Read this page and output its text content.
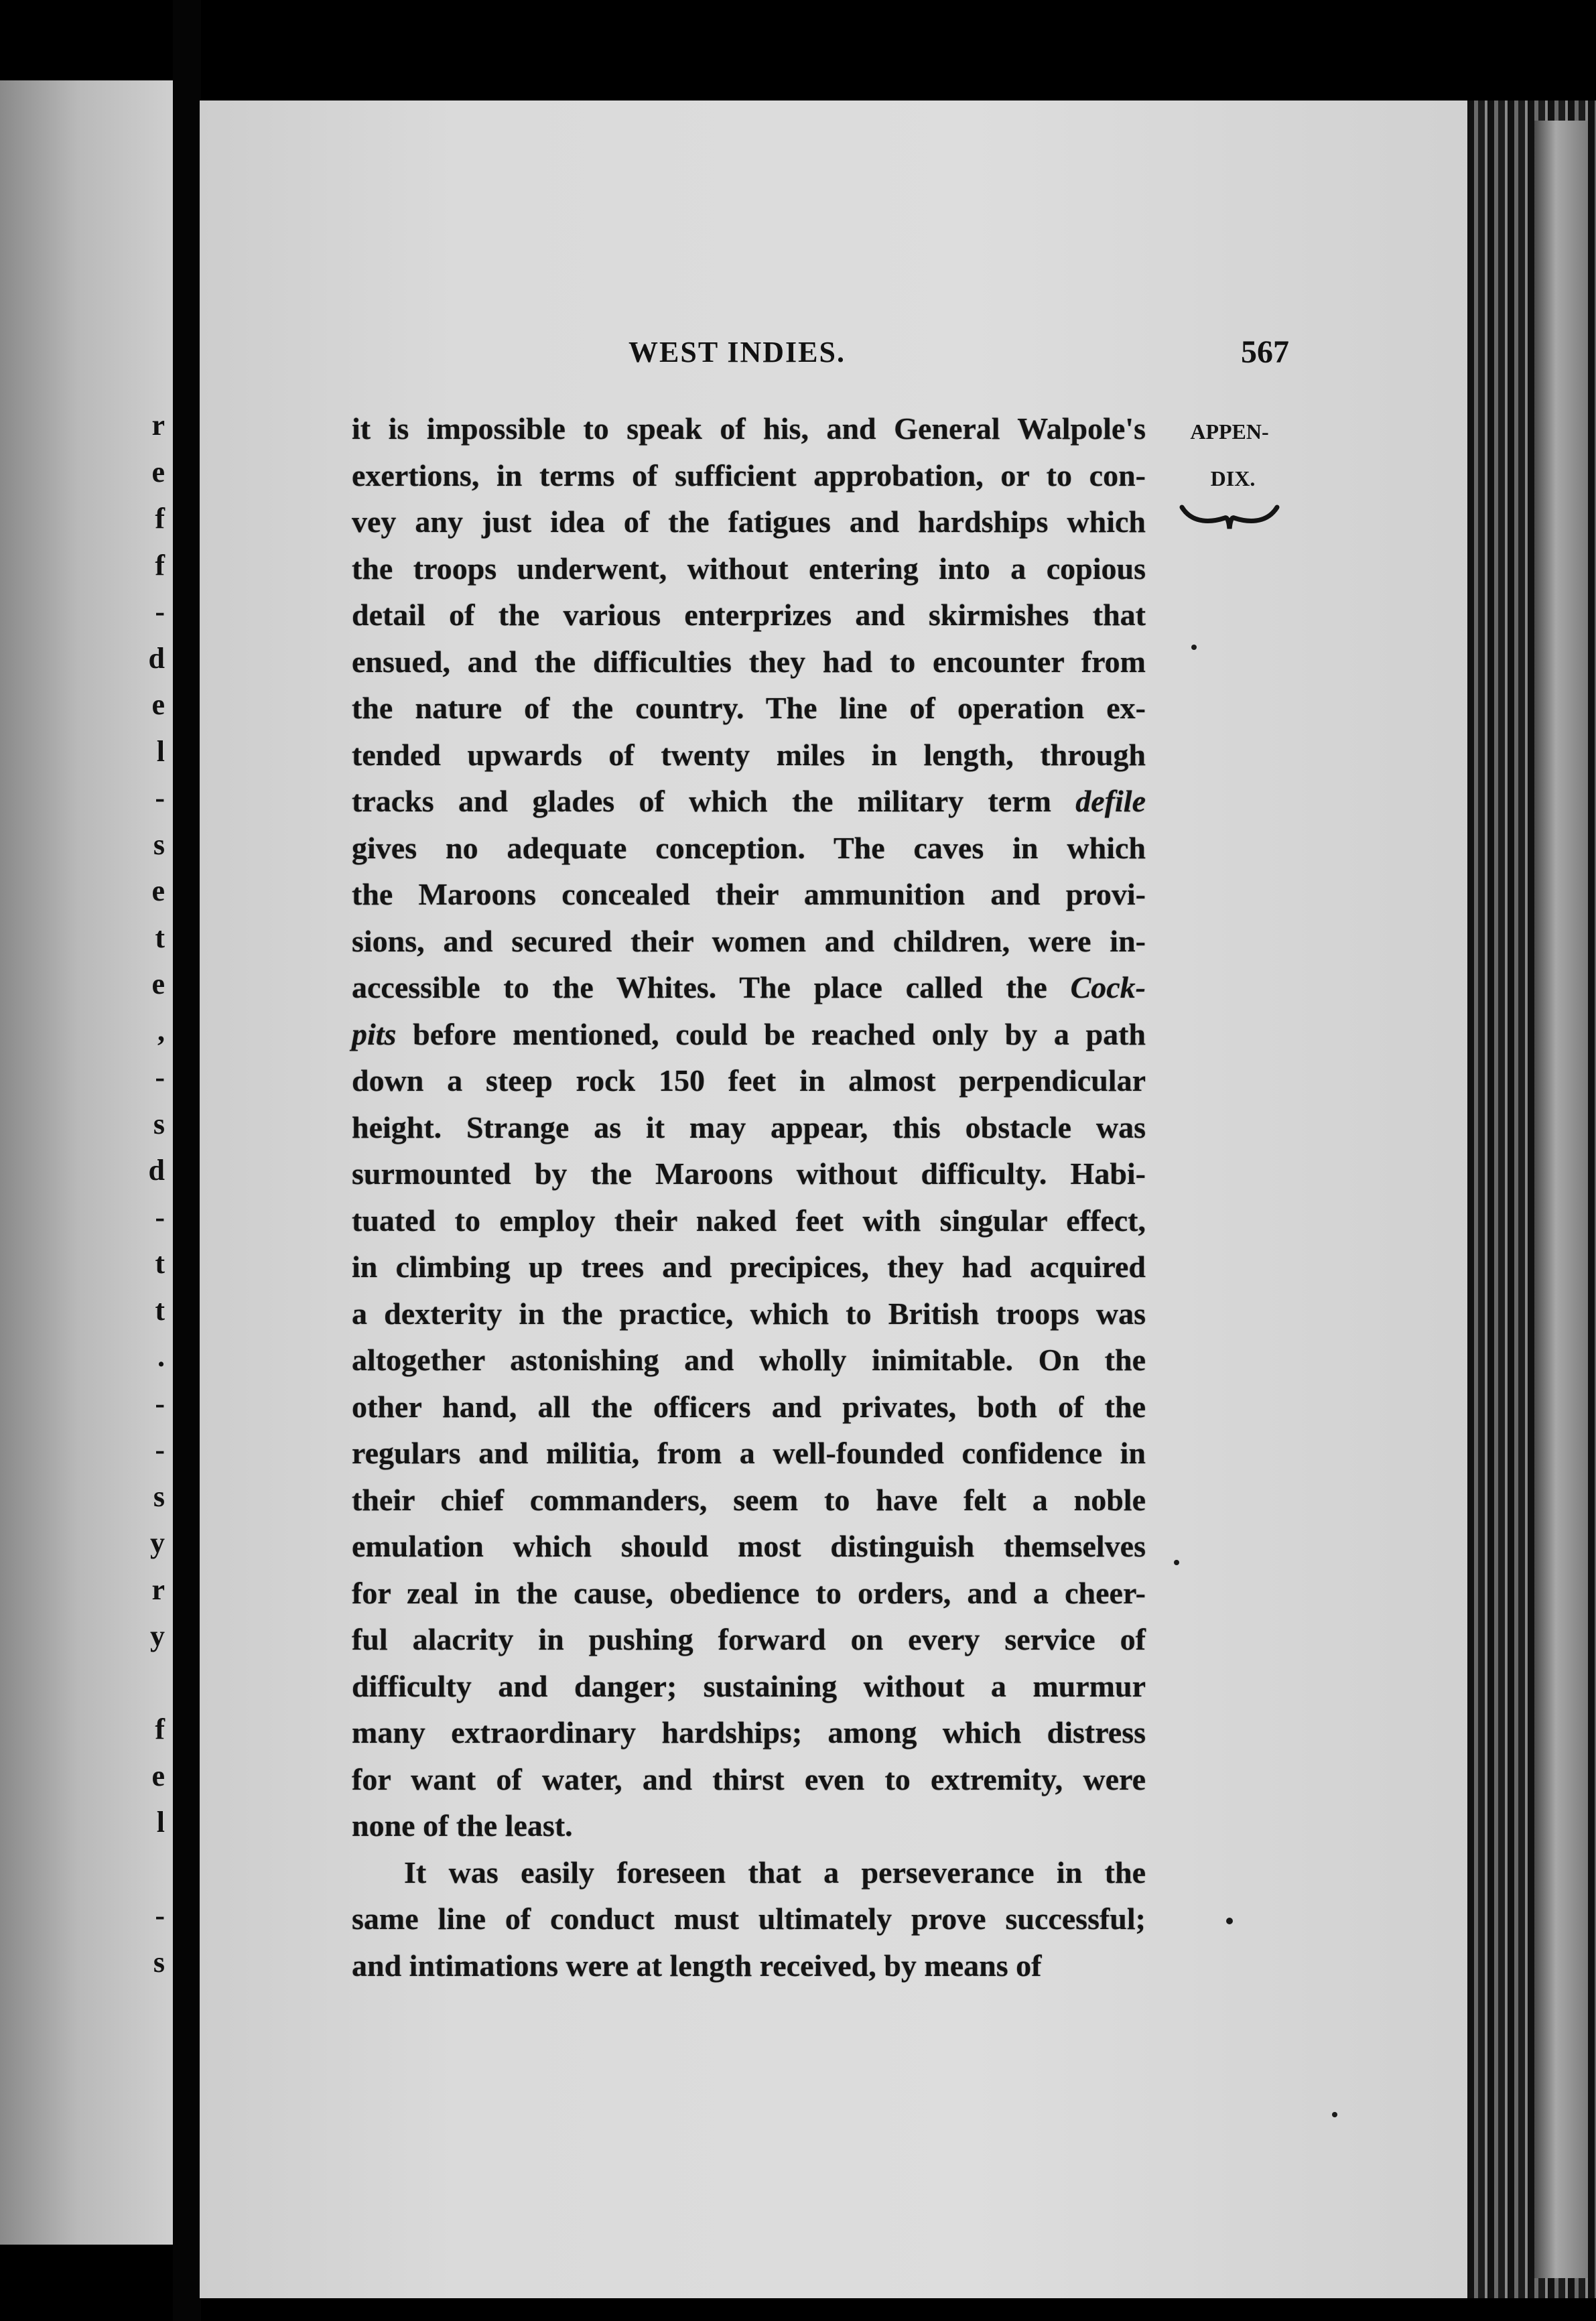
r
e
f
f
-
d
e
l
-
s
e
t
e
,
-
s
d
-
t
t
.
-
-
s
y
r
y
f
e
l
-
s
WEST INDIES.	567
APPEN-
DIX.
it is impossible to speak of his, and General Walpole's
exertions, in terms of sufficient approbation, or to con-
vey any just idea of the fatigues and hardships which
the troops underwent, without entering into a copious
detail of the various enterprizes and skirmishes that
ensued, and the difficulties they had to encounter from
the nature of the country. The line of operation ex-
tended upwards of twenty miles in length, through
tracks and glades of which the military term defile
gives no adequate conception. The caves in which
the Maroons concealed their ammunition and provi-
sions, and secured their women and children, were in-
accessible to the Whites. The place called the Cock-
pits before mentioned, could be reached only by a path
down a steep rock 150 feet in almost perpendicular
height. Strange as it may appear, this obstacle was
surmounted by the Maroons without difficulty. Habi-
tuated to employ their naked feet with singular effect,
in climbing up trees and precipices, they had acquired
a dexterity in the practice, which to British troops was
altogether astonishing and wholly inimitable. On the
other hand, all the officers and privates, both of the
regulars and militia, from a well-founded confidence in
their chief commanders, seem to have felt a noble
emulation which should most distinguish themselves
for zeal in the cause, obedience to orders, and a cheer-
ful alacrity in pushing forward on every service of
difficulty and danger; sustaining without a murmur
many extraordinary hardships; among which distress
for want of water, and thirst even to extremity, were
none of the least.
It was easily foreseen that a perseverance in the
same line of conduct must ultimately prove successful;
and intimations were at length received, by means of
